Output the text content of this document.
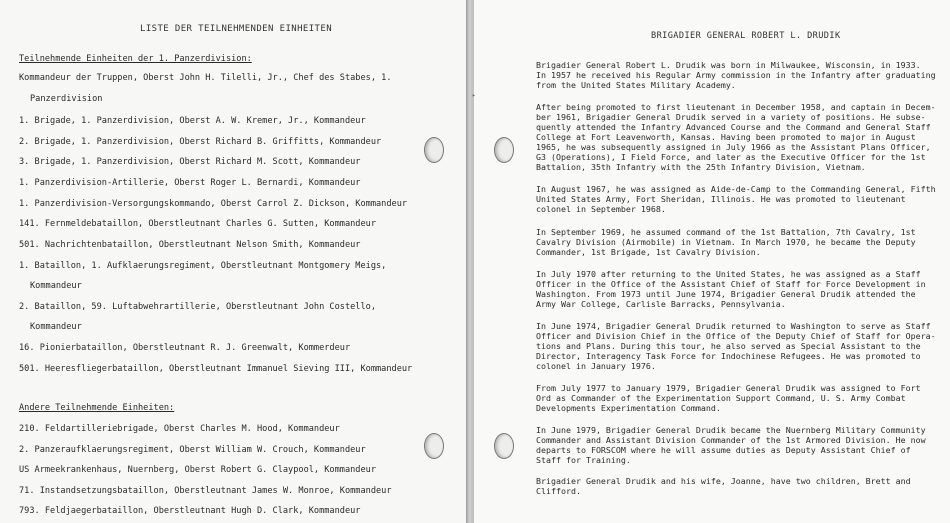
LISTE DER TEILNEHMENDEN EINHEITEN
Teilnehmende Einheiten der 1. Panzerdivision:
Kommandeur der Truppen, Oberst John H. Tilelli, Jr., Chef des Stabes, 1.
Panzerdivision
1. Brigade, 1. Panzerdivision, Oberst A. W. Kremer, Jr., Kommandeur
2. Brigade, 1. Panzerdivision, Oberst Richard B. Griffitts, Kommandeur
3. Brigade, 1. Panzerdivision, Oberst Richard M. Scott, Kommandeur
1. Panzerdivision-Artillerie, Oberst Roger L. Bernardi, Kommandeur
1. Panzerdivision-Versorgungskommando, Oberst Carrol Z. Dickson, Kommandeur
141. Fernmeldebataillon, Oberstleutnant Charles G. Sutten, Kommandeur
501. Nachrichtenbataillon, Oberstleutnant Nelson Smith, Kommandeur
1. Bataillon, 1. Aufklaerungsregiment, Oberstleutnant Montgomery Meigs,
Kommandeur
2. Bataillon, 59. Luftabwehrartillerie, Oberstleutnant John Costello,
Kommandeur
16. Pionierbataillon, Oberstleutnant R. J. Greenwalt, Kommerdeur
501. Heeresfliegerbataillon, Oberstleutnant Immanuel Sieving III, Kommandeur
Andere Teilnehmende Einheiten:
210. Feldartilleriebrigade, Oberst Charles M. Hood, Kommandeur
2. Panzeraufklaerungsregiment, Oberst William W. Crouch, Kommandeur
US Armeekrankenhaus, Nuernberg, Oberst Robert G. Claypool, Kommandeur
71. Instandsetzungsbataillon, Oberstleutnant James W. Monroe, Kommandeur
793. Feldjaegerbataillon, Oberstleutnant Hugh D. Clark, Kommandeur
▸
BRIGADIER GENERAL ROBERT L. DRUDIK
Brigadier General Robert L. Drudik was born in Milwaukee, Wisconsin, in 1933.
In 1957 he received his Regular Army commission in the Infantry after graduating
from the United States Military Academy.
After being promoted to first lieutenant in December 1958, and captain in Decem-
ber 1961, Brigadier General Drudik served in a variety of positions. He subse-
quently attended the Infantry Advanced Course and the Command and General Staff
College at Fort Leavenworth, Kansas. Having been promoted to major in August
1965, he was subsequently assigned in July 1966 as the Assistant Plans Officer,
G3 (Operations), I Field Force, and later as the Executive Officer for the 1st
Battalion, 35th Infantry with the 25th Infantry Division, Vietnam.
In August 1967, he was assigned as Aide-de-Camp to the Commanding General, Fifth
United States Army, Fort Sheridan, Illinois. He was promoted to lieutenant
colonel in September 1968.
In September 1969, he assumed command of the 1st Battalion, 7th Cavalry, 1st
Cavalry Division (Airmobile) in Vietnam. In March 1970, he became the Deputy
Commander, 1st Brigade, 1st Cavalry Division.
In July 1970 after returning to the United States, he was assigned as a Staff
Officer in the Office of the Assistant Chief of Staff for Force Development in
Washington. From 1973 until June 1974, Brigadier General Drudik attended the
Army War College, Carlisle Barracks, Pennsylvania.
In June 1974, Brigadier General Drudik returned to Washington to serve as Staff
Officer and Division Chief in the Office of the Deputy Chief of Staff for Opera-
tions and Plans. During this tour, he also served as Special Assistant to the
Director, Interagency Task Force for Indochinese Refugees. He was promoted to
colonel in January 1976.
From July 1977 to January 1979, Brigadier General Drudik was assigned to Fort
Ord as Commander of the Experimentation Support Command, U. S. Army Combat
Developments Experimentation Command.
In June 1979, Brigadier General Drudik became the Nuernberg Military Community
Commander and Assistant Division Commander of the 1st Armored Division. He now
departs to FORSCOM where he will assume duties as Deputy Assistant Chief of
Staff for Training.
Brigadier General Drudik and his wife, Joanne, have two children, Brett and
Clifford.
